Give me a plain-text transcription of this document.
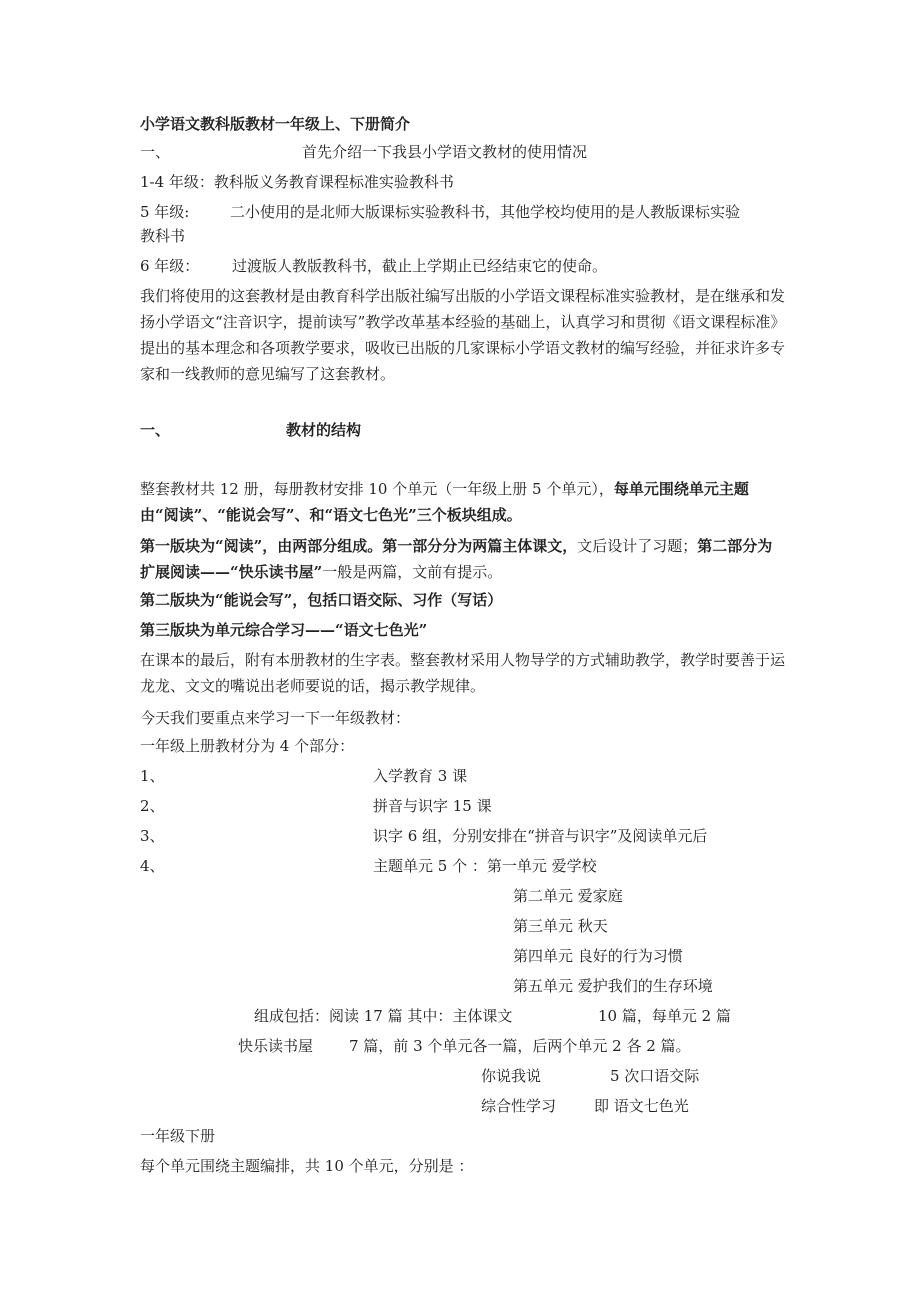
小学语文教科版教材一年级上、下册简介
一、	首先介绍一下我县小学语文教材的使用情况
1-4 年级：教科版义务教育课程标准实验教科书
5 年级:	二小使用的是北师大版课标实验教科书，其他学校均使用的是人教版课标实验
教科书
6 年级： 过渡版人教版教科书，截止上学期止已经结束它的使命。
我们将使用的这套教材是由教育科学出版社编写出版的小学语文课程标准实验教材，是在继承和发扬小学语文“注音识字，提前读写”教学改革基本经验的基础上，认真学习和贯彻《语文课程标准》提出的基本理念和各项教学要求，吸收已出版的几家课标小学语文教材的编写经验，并征求许多专家和一线教师的意见编写了这套教材。
一、	教材的结构
整套教材共 12 册，每册教材安排 10 个单元（一年级上册 5 个单元），每单元围绕单元主题由“阅读”、“能说会写”、和“语文七色光”三个板块组成。
第一版块为“阅读”，由两部分组成。第一部分分为两篇主体课文，文后设计了习题；第二部分为扩展阅读——“快乐读书屋”一般是两篇，文前有提示。
第二版块为“能说会写”，包括口语交际、习作（写话）
第三版块为单元综合学习——“语文七色光”
在课本的最后，附有本册教材的生字表。整套教材采用人物导学的方式辅助教学，教学时要善于运龙龙、文文的嘴说出老师要说的话，揭示教学规律。
今天我们要重点来学习一下一年级教材：
一年级上册教材分为 4 个部分：
1、	入学教育 3 课
2、	拼音与识字 15 课
3、	识字 6 组，分别安排在“拼音与识字”及阅读单元后
4、	主题单元 5 个 ：第一单元 爱学校
第二单元 爱家庭
第三单元 秋天
第四单元 良好的行为习惯
第五单元 爱护我们的生存环境
组成包括：阅读 17 篇 其中：主体课文	10 篇，每单元 2 篇
快乐读书屋 7 篇，前 3 个单元各一篇，后两个单元 2 各 2 篇。
你说我说	5 次口语交际
综合性学习	即 语文七色光
一年级下册
每个单元围绕主题编排，共 10 个单元，分别是 ：
